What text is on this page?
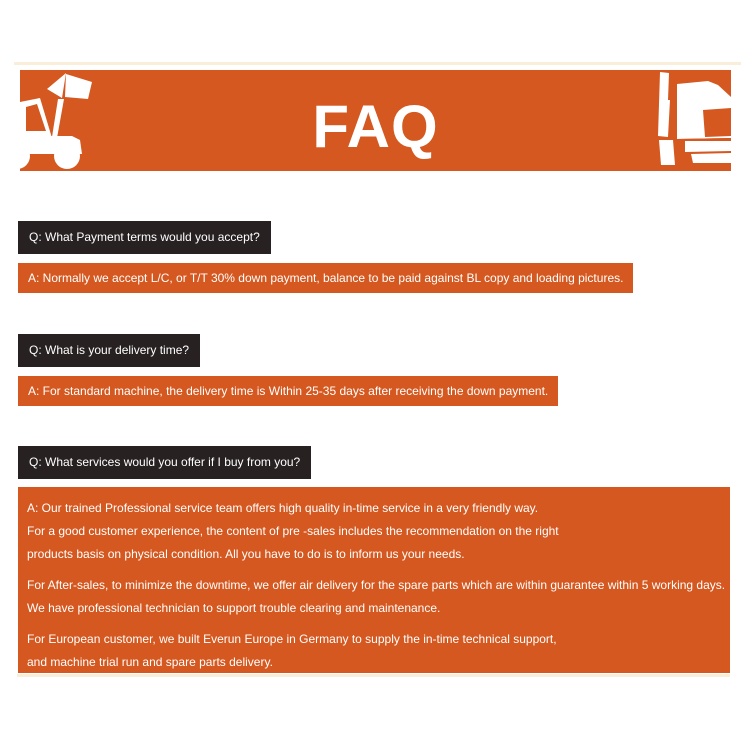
FAQ
Q: What Payment terms would you accept?
A: Normally we accept L/C, or T/T 30% down payment, balance to be paid against BL copy and loading pictures.
Q: What is your delivery time?
A: For standard machine, the delivery time is Within 25-35 days after receiving the down payment.
Q: What services would you offer if I buy from you?
A: Our trained Professional service team offers high quality in-time service in a very friendly way.
For a good customer experience, the content of pre -sales includes the recommendation on the right
products basis on physical condition. All you have to do is to inform us your needs.
For After-sales, to minimize the downtime, we offer air delivery for the spare parts which are within guarantee within 5 working days.
We have professional technician to support trouble clearing and maintenance.
For European customer, we built Everun Europe in Germany to supply the in-time technical support,
and machine trial run and spare parts delivery.
